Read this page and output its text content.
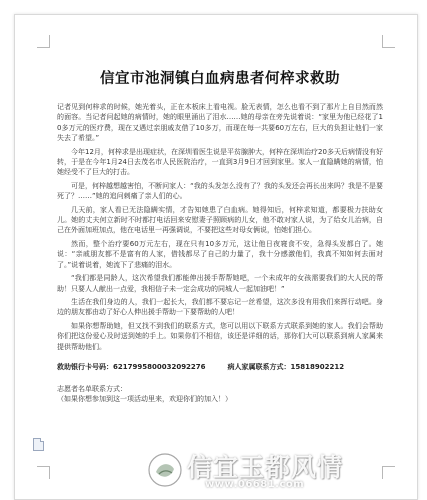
信宜市池洞镇白血病患者何梓求救助

记者见到何梓求的时候，她光着头，正在木板床上看电视。脸无表情，怎么也看不到了那片上自目然而然的面容。当记者问起她的病情时，她的眼里涌出了泪水……她的母亲在旁先说着说：“家里为他已经花了10多万元的医疗费，现在又遇过亲朋戚友借了10多万，而现在每一共要60万左右，巨大的负担让他们一家失去了希望。”

今年12月，何梓求是出现症状，在深圳看医生说是平贫腺肿大，何梓在深圳治疗20多天后病情没有好转，于是在今年1月24日去茂名市人民医院治疗，一直到3月9日才回到家里。家人一直隐瞒她的病情，怕她经受不了巨大的打击。

可是，何梓越想越害怕，不断问家人：“我的头发怎么没有了？我的头发还会再长出来吗？我是不是要死了？……”她的追问刺痛了亲人们的心。

几天前，家人看已无法隐瞒实情，才告知她患了白血病。她得知后，何梓求知道，都要极力扶助女儿。她的丈夫何立新时不时都打电话回来安慰妻子照顾病的儿女，他不敢对家人说，为了给女儿治病，自己在外面加班加点，他在电话里一再强调说，不要把这些对母女俩说，怕她们担心。

然而，整个治疗要60万元左右，现在只有10多万元，这让他日夜寝食不安，急得头发都白了。她说：“亲戚朋友都不是富有的人家，借钱都尽了自己的力量了，我十分感激他们，我真不知如何去面对了。”说着说着，她流下了悲痛的泪水。

“我们都是同龄人，这次希望我们都能伸出援手帮帮她吧，一个未成年的女孩需要我们的大人民的帮助！只要人人献出一点爱，我相信子未一定会成功的同城人一起加油吧！”

生活在我们身边的人，我们一起长大，我们都不要忘记一丝希望，这次多没有用我们来挥行动吧。身边的朋友都由动了好心人伸出援手帮助一下要帮助的人吧！

如果你想帮助她，但又找不到我们的联系方式，您可以用以下联系方式联系到她的家人。我们会帮助你们把这份爱心及时送到她的手上。如果你们不相信，该还是详细的话，那你们大可以联系到病人家属来提供帮助他们。

救助银行卡号码：6217995800032092276	病人家属联系方式：15818902212
志愿者名单联系方式：
（如果你想参加到这一项活动里来，欢迎你们的加入！）
信宜玉都风情
www.06681.com
